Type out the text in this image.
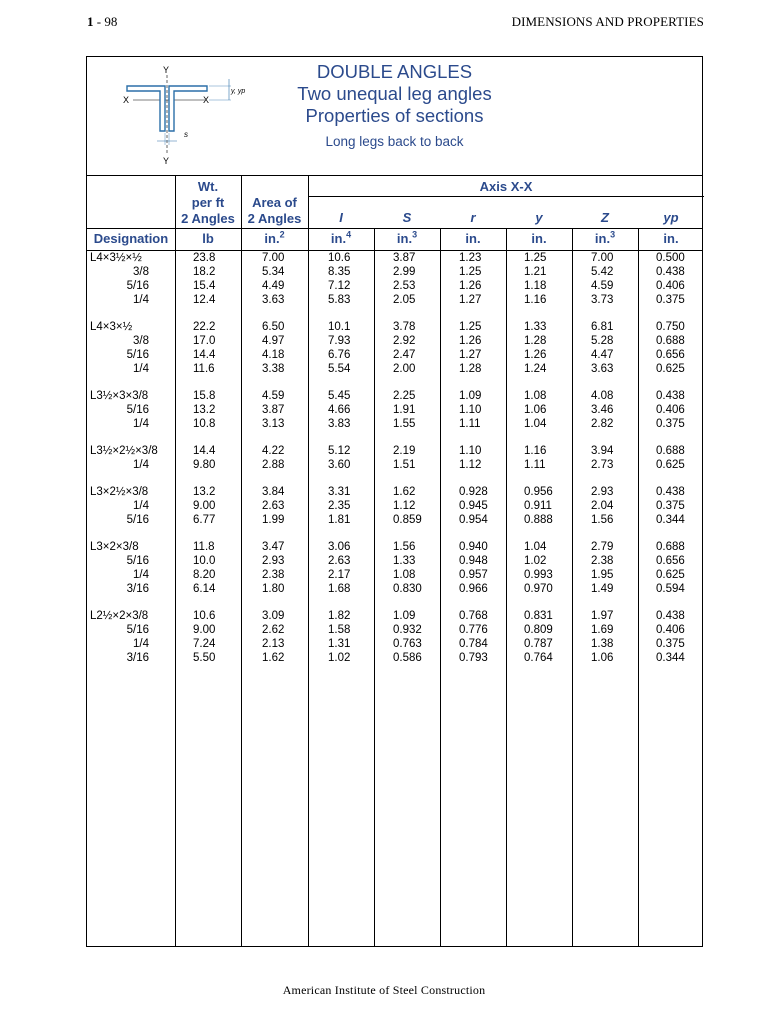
1 - 98	DIMENSIONS AND PROPERTIES
Y
Y
X	X
y, yp
s
DOUBLE ANGLES
Two unequal leg angles
Properties of sections
Long legs back to back
Axis X-X
Wt.
per ft
2 Angles
Area of
2 Angles	I	S	r	y	Z	yp
Designation	lb	in.$^2$	in.$^4$	in.$^3$	in.	in.	in.$^3$	in.
L4×3½×½	23.8	7.00	10.6	3.87	1.23	1.25	7.00	0.500
3/8	18.2	5.34	8.35	2.99	1.25	1.21	5.42	0.438
5/16	15.4	4.49	7.12	2.53	1.26	1.18	4.59	0.406
1/4	12.4	3.63	5.83	2.05	1.27	1.16	3.73	0.375
L4×3×½	22.2	6.50	10.1	3.78	1.25	1.33	6.81	0.750
3/8	17.0	4.97	7.93	2.92	1.26	1.28	5.28	0.688
5/16	14.4	4.18	6.76	2.47	1.27	1.26	4.47	0.656
1/4	11.6	3.38	5.54	2.00	1.28	1.24	3.63	0.625
L3½×3×3/8	15.8	4.59	5.45	2.25	1.09	1.08	4.08	0.438
5/16	13.2	3.87	4.66	1.91	1.10	1.06	3.46	0.406
1/4	10.8	3.13	3.83	1.55	1.11	1.04	2.82	0.375
L3½×2½×3/8	14.4	4.22	5.12	2.19	1.10	1.16	3.94	0.688
1/4	9.80	2.88	3.60	1.51	1.12	1.11	2.73	0.625
L3×2½×3/8	13.2	3.84	3.31	1.62	0.928	0.956	2.93	0.438
1/4	9.00	2.63	2.35	1.12	0.945	0.911	2.04	0.375
5/16	6.77	1.99	1.81	0.859	0.954	0.888	1.56	0.344
L3×2×3/8	11.8	3.47	3.06	1.56	0.940	1.04	2.79	0.688
5/16	10.0	2.93	2.63	1.33	0.948	1.02	2.38	0.656
1/4	8.20	2.38	2.17	1.08	0.957	0.993	1.95	0.625
3/16	6.14	1.80	1.68	0.830	0.966	0.970	1.49	0.594
L2½×2×3/8	10.6	3.09	1.82	1.09	0.768	0.831	1.97	0.438
5/16	9.00	2.62	1.58	0.932	0.776	0.809	1.69	0.406
1/4	7.24	2.13	1.31	0.763	0.784	0.787	1.38	0.375
3/16	5.50	1.62	1.02	0.586	0.793	0.764	1.06	0.344
American Institute of Steel Construction
